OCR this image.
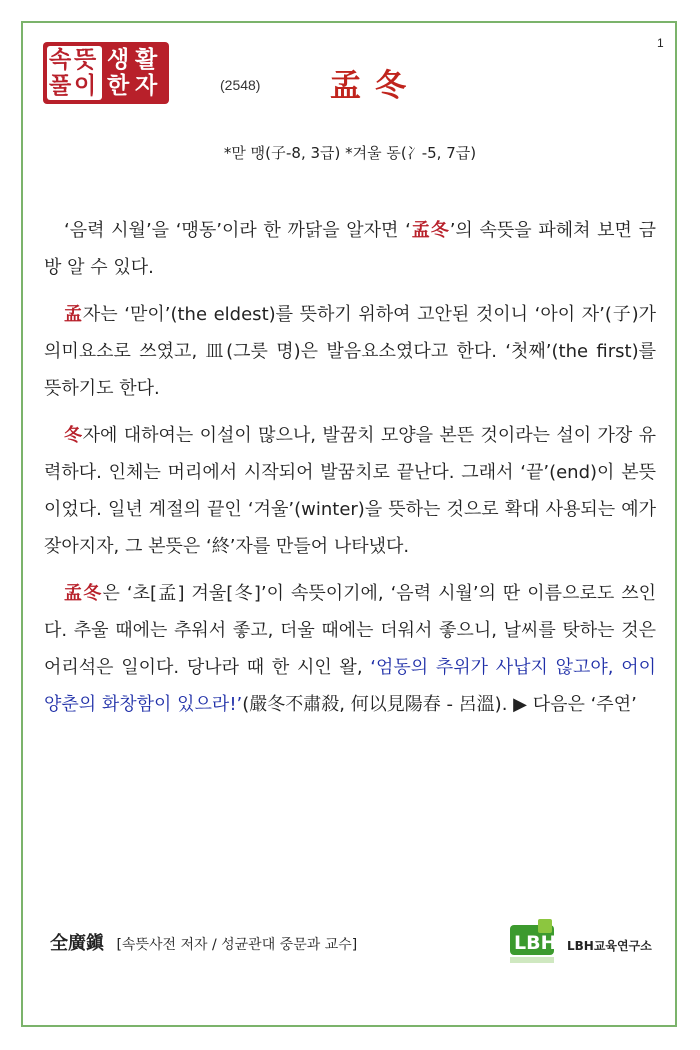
1
속 뜻
풀 이
생 활
한 자	(2548) 孟冬
*맏 맹(子-8, 3급) *겨울 동(冫-5, 7급)

‘음력 시월’을 ‘맹동’이라 한 까닭을 알자면 ‘孟冬’의 속뜻을 파헤쳐 보면 금방 알 수 있다.

孟자는 ‘맏이’(the eldest)를 뜻하기 위하여 고안된 것이니 ‘아이 자’(子)가 의미요소로 쓰였고, 皿(그릇 명)은 발음요소였다고 한다. ‘첫째’(the first)를 뜻하기도 한다.

冬자에 대하여는 이설이 많으나, 발꿈치 모양을 본뜬 것이라는 설이 가장 유력하다. 인체는 머리에서 시작되어 발꿈치로 끝난다. 그래서 ‘끝’(end)이 본뜻이었다. 일년 계절의 끝인 ‘겨울’(winter)을 뜻하는 것으로 확대 사용되는 예가 잦아지자, 그 본뜻은 ‘終’자를 만들어 나타냈다.

孟冬은 ‘초[孟] 겨울[冬]’이 속뜻이기에, ‘음력 시월’의 딴 이름으로도 쓰인다. 추울 때에는 추워서 좋고, 더울 때에는 더워서 좋으니, 날씨를 탓하는 것은 어리석은 일이다. 당나라 때 한 시인 왈, ‘엄동의 추위가 사납지 않고야, 어이 양춘의 화창함이 있으라!’(嚴冬不肅殺, 何以見陽春 - 呂溫). ▶ 다음은 ‘주연’

全廣鎭 [속뜻사전 저자 / 성균관대 중문과 교수]	LBH LBH교육연구소
